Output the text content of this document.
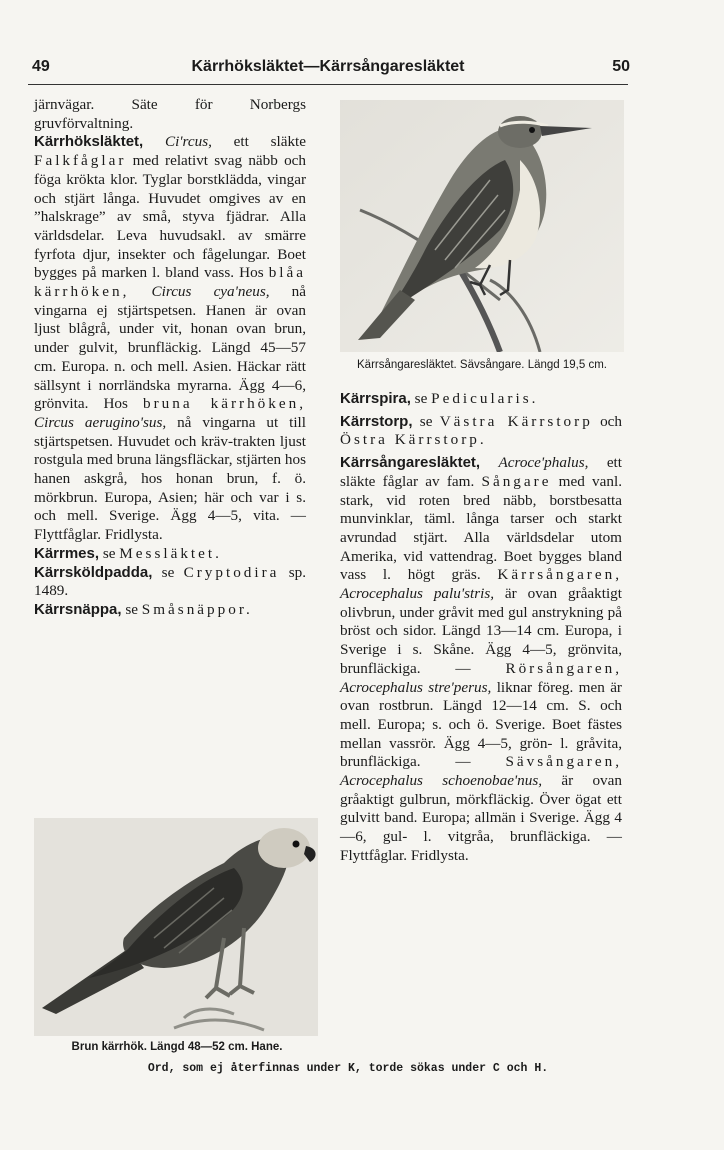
49	Kärrhöksläktet—Kärrsångaresläktet	50

järnvägar. Säte för Norbergs gruvförvaltning.

Kärrhöksläktet, Ci'rcus, ett släkte Falkfåglar med relativt svag näbb och föga krökta klor. Tyglar borstklädda, vingar och stjärt långa. Huvudet omgives av en ”halskrage” av små, styva fjädrar. Alla världsdelar. Leva huvudsakl. av smärre fyrfota djur, insekter och fågelungar. Boet bygges på marken l. bland vass. Hos blåa kärrhöken, Circus cya'neus, nå vingarna ej stjärtspetsen. Hanen är ovan ljust blågrå, under vit, honan ovan brun, under gulvit, brunfläckig. Längd 45—57 cm. Europa. n. och mell. Asien. Häckar rätt sällsynt i norrländska myrarna. Ägg 4—6, grönvita. Hos bruna kärrhöken, Circus aerugino'sus, nå vingarna ut till stjärtspetsen. Huvudet och kräv-trakten ljust rostgula med bruna längsfläckar, stjärten hos hanen askgrå, hos honan brun, f. ö. mörkbrun. Europa, Asien; här och var i s. och mell. Sverige. Ägg 4—5, vita. — Flyttfåglar. Fridlysta.

Kärrmes, se Messläktet.

Kärrsköldpadda, se Cryptodira sp. 1489.

Kärrsnäppa, se Småsnäppor.

Kärrsångaresläktet. Sävsångare. Längd 19,5 cm.

Kärrspira, se Pedicularis.

Kärrstorp, se Västra Kärrstorp och Östra Kärrstorp.

Kärrsångaresläktet, Acroce'phalus, ett släkte fåglar av fam. Sångare med vanl. stark, vid roten bred näbb, borstbesatta munvinklar, täml. långa tarser och starkt avrundad stjärt. Alla världsdelar utom Amerika, vid vattendrag. Boet bygges bland vass l. högt gräs. Kärrsångaren, Acrocephalus palu'stris, är ovan gråaktigt olivbrun, under gråvit med gul anstrykning på bröst och sidor. Längd 13—14 cm. Europa, i Sverige i s. Skåne. Ägg 4—5, grönvita, brunfläckiga. — Rörsångaren, Acrocephalus stre'perus, liknar föreg. men är ovan rostbrun. Längd 12—14 cm. S. och mell. Europa; s. och ö. Sverige. Boet fästes mellan vassrör. Ägg 4—5, grön- l. gråvita, brunfläckiga. — Sävsångaren, Acrocephalus schoenobae'nus, är ovan gråaktigt gulbrun, mörkfläckig. Över ögat ett gulvitt band. Europa; allmän i Sverige. Ägg 4—6, gul- l. vitgråa, brunfläckiga. — Flyttfåglar. Fridlysta.

Brun kärrhök. Längd 48—52 cm. Hane.
Ord, som ej återfinnas under K, torde sökas under C och H.
